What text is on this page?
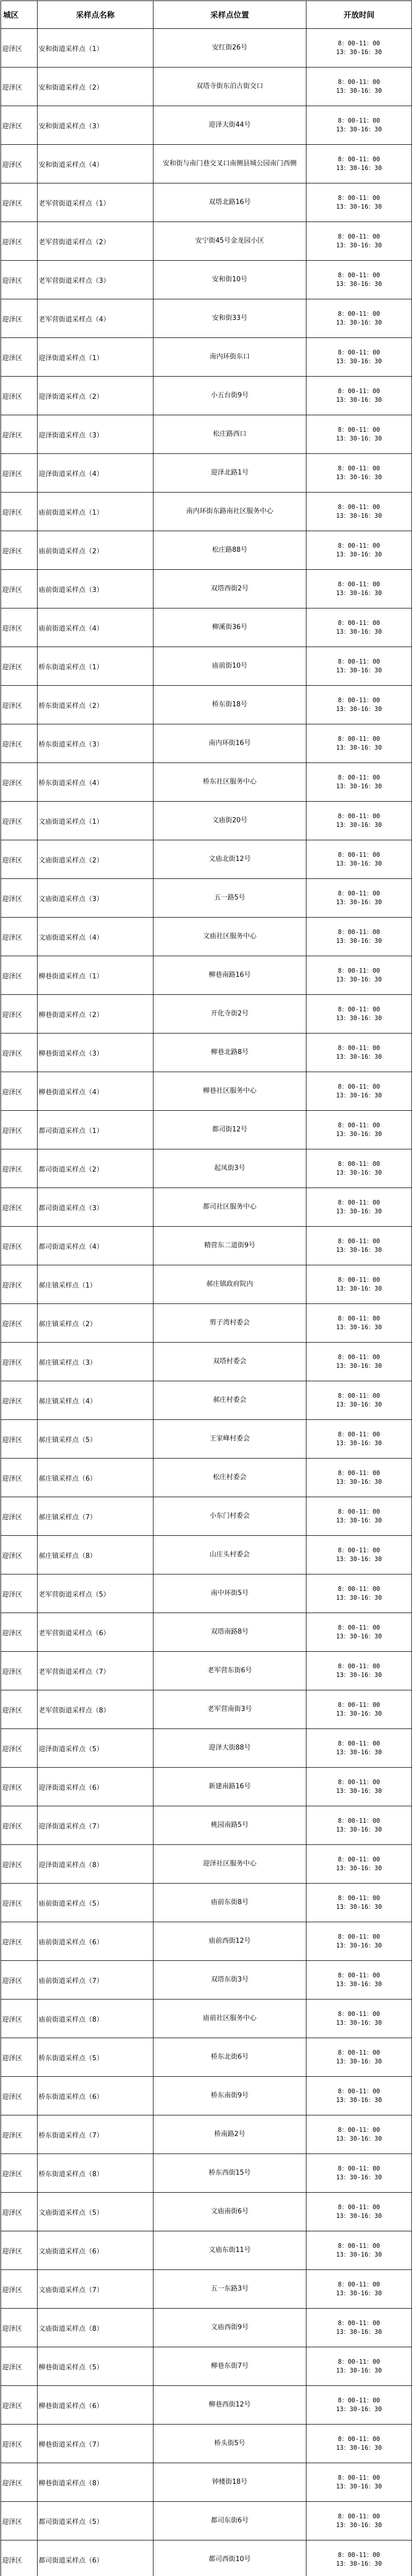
城区	采样点名称	采样点位置	开放时间
迎泽区	安和街道采样点（1）	安红街26号	8：00-11：00
13：30-16：30

迎泽区	安和街道采样点（2）	双塔寺街东泊古街交口	8：00-11：00
13：30-16：30

迎泽区	安和街道采样点（3）	迎泽大街44号	8：00-11：00
13：30-16：30

迎泽区	安和街道采样点（4）	安和街与南门巷交叉口南侧县城公园南门西侧	8：00-11：00
13：30-16：30

迎泽区	老军营街道采样点（1）	双塔北路16号	8：00-11：00
13：30-16：30

迎泽区	老军营街道采样点（2）	安宁街45号金龙园小区	8：00-11：00
13：30-16：30

迎泽区	老军营街道采样点（3）	安和街10号	8：00-11：00
13：30-16：30

迎泽区	老军营街道采样点（4）	安和街33号	8：00-11：00
13：30-16：30

迎泽区	迎泽街道采样点（1）	南内环街东口	8：00-11：00
13：30-16：30

迎泽区	迎泽街道采样点（2）	小五台街9号	8：00-11：00
13：30-16：30

迎泽区	迎泽街道采样点（3）	松庄路西口	8：00-11：00
13：30-16：30

迎泽区	迎泽街道采样点（4）	迎泽北路1号	8：00-11：00
13：30-16：30

迎泽区	庙前街道采样点（1）	南内环街东路南社区服务中心	8：00-11：00
13：30-16：30

迎泽区	庙前街道采样点（2）	松庄路88号	8：00-11：00
13：30-16：30

迎泽区	庙前街道采样点（3）	双塔西街2号	8：00-11：00
13：30-16：30

迎泽区	庙前街道采样点（4）	柳溪街36号	8：00-11：00
13：30-16：30

迎泽区	桥东街道采样点（1）	庙前街10号	8：00-11：00
13：30-16：30

迎泽区	桥东街道采样点（2）	桥东街18号	8：00-11：00
13：30-16：30

迎泽区	桥东街道采样点（3）	南内环街16号	8：00-11：00
13：30-16：30

迎泽区	桥东街道采样点（4）	桥东社区服务中心	8：00-11：00
13：30-16：30

迎泽区	文庙街道采样点（1）	文庙街20号	8：00-11：00
13：30-16：30

迎泽区	文庙街道采样点（2）	文庙北街12号	8：00-11：00
13：30-16：30

迎泽区	文庙街道采样点（3）	五一路5号	8：00-11：00
13：30-16：30

迎泽区	文庙街道采样点（4）	文庙社区服务中心	8：00-11：00
13：30-16：30

迎泽区	柳巷街道采样点（1）	柳巷南路16号	8：00-11：00
13：30-16：30

迎泽区	柳巷街道采样点（2）	开化寺街2号	8：00-11：00
13：30-16：30

迎泽区	柳巷街道采样点（3）	柳巷北路8号	8：00-11：00
13：30-16：30

迎泽区	柳巷街道采样点（4）	柳巷社区服务中心	8：00-11：00
13：30-16：30

迎泽区	都司街道采样点（1）	都司街12号	8：00-11：00
13：30-16：30

迎泽区	都司街道采样点（2）	起凤街3号	8：00-11：00
13：30-16：30

迎泽区	都司街道采样点（3）	都司社区服务中心	8：00-11：00
13：30-16：30

迎泽区	都司街道采样点（4）	精营东二道街9号	8：00-11：00
13：30-16：30

迎泽区	郝庄镇采样点（1）	郝庄镇政府院内	8：00-11：00
13：30-16：30

迎泽区	郝庄镇采样点（2）	剪子湾村委会	8：00-11：00
13：30-16：30

迎泽区	郝庄镇采样点（3）	双塔村委会	8：00-11：00
13：30-16：30

迎泽区	郝庄镇采样点（4）	郝庄村委会	8：00-11：00
13：30-16：30

迎泽区	郝庄镇采样点（5）	王家峰村委会	8：00-11：00
13：30-16：30

迎泽区	郝庄镇采样点（6）	松庄村委会	8：00-11：00
13：30-16：30

迎泽区	郝庄镇采样点（7）	小东门村委会	8：00-11：00
13：30-16：30

迎泽区	郝庄镇采样点（8）	山庄头村委会	8：00-11：00
13：30-16：30

迎泽区	老军营街道采样点（5）	南中环街5号	8：00-11：00
13：30-16：30

迎泽区	老军营街道采样点（6）	双塔南路8号	8：00-11：00
13：30-16：30

迎泽区	老军营街道采样点（7）	老军营东街6号	8：00-11：00
13：30-16：30

迎泽区	老军营街道采样点（8）	老军营南街3号	8：00-11：00
13：30-16：30

迎泽区	迎泽街道采样点（5）	迎泽大街88号	8：00-11：00
13：30-16：30

迎泽区	迎泽街道采样点（6）	新建南路16号	8：00-11：00
13：30-16：30

迎泽区	迎泽街道采样点（7）	桃园南路5号	8：00-11：00
13：30-16：30

迎泽区	迎泽街道采样点（8）	迎泽社区服务中心	8：00-11：00
13：30-16：30

迎泽区	庙前街道采样点（5）	庙前东街8号	8：00-11：00
13：30-16：30

迎泽区	庙前街道采样点（6）	庙前西街12号	8：00-11：00
13：30-16：30

迎泽区	庙前街道采样点（7）	双塔东街3号	8：00-11：00
13：30-16：30

迎泽区	庙前街道采样点（8）	庙前社区服务中心	8：00-11：00
13：30-16：30

迎泽区	桥东街道采样点（5）	桥东北街6号	8：00-11：00
13：30-16：30

迎泽区	桥东街道采样点（6）	桥东南街9号	8：00-11：00
13：30-16：30

迎泽区	桥东街道采样点（7）	桥南路2号	8：00-11：00
13：30-16：30

迎泽区	桥东街道采样点（8）	桥东西街15号	8：00-11：00
13：30-16：30

迎泽区	文庙街道采样点（5）	文庙南街6号	8：00-11：00
13：30-16：30

迎泽区	文庙街道采样点（6）	文庙东街11号	8：00-11：00
13：30-16：30

迎泽区	文庙街道采样点（7）	五一东路3号	8：00-11：00
13：30-16：30

迎泽区	文庙街道采样点（8）	文庙西街9号	8：00-11：00
13：30-16：30

迎泽区	柳巷街道采样点（5）	柳巷东街7号	8：00-11：00
13：30-16：30

迎泽区	柳巷街道采样点（6）	柳巷西街12号	8：00-11：00
13：30-16：30

迎泽区	柳巷街道采样点（7）	桥头街5号	8：00-11：00
13：30-16：30

迎泽区	柳巷街道采样点（8）	钟楼街18号	8：00-11：00
13：30-16：30

迎泽区	都司街道采样点（5）	都司东街6号	8：00-11：00
13：30-16：30

迎泽区	都司街道采样点（6）	都司西街10号	8：00-11：00
13：30-16：30
